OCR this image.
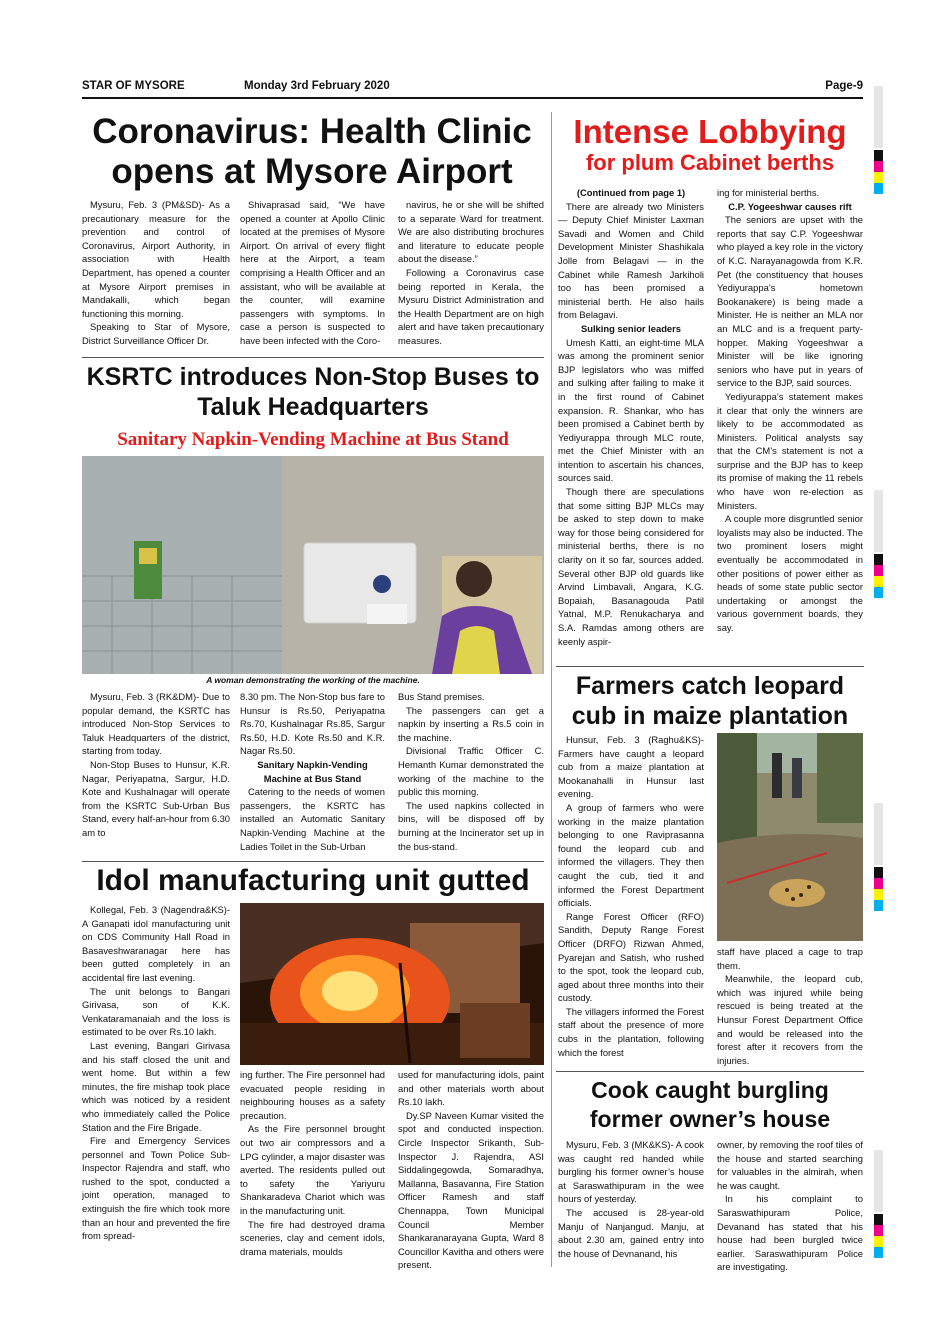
STAR OF MYSORE	Monday 3rd February 2020	Page-9
Coronavirus: Health Clinic opens at Mysore Airport

Mysuru, Feb. 3 (PM&SD)- As a precautionary measure for the prevention and control of Coronavirus, Airport Authority, in association with Health Department, has opened a counter at Mysore Airport premises in Mandakalli, which began functioning this morning.

Speaking to Star of Mysore, District Surveillance Officer Dr.

Shivaprasad said, “We have opened a counter at Apollo Clinic located at the premises of Mysore Airport. On arrival of every flight here at the Airport, a team comprising a Health Officer and an assistant, who will be available at the counter, will examine passengers with symptoms. In case a person is suspected to have been infected with the Coro-

navirus, he or she will be shifted to a separate Ward for treatment. We are also distributing brochures and literature to educate people about the disease.”

Following a Coronavirus case being reported in Kerala, the Mysuru District Administration and the Health Department are on high alert and have taken precautionary measures.

Intense Lobbying
for plum Cabinet berths

(Continued from page 1)

There are already two Ministers — Deputy Chief Minister Laxman Savadi and Women and Child Development Minister Shashikala Jolle from Belagavi — in the Cabinet while Ramesh Jarkiholi too has been promised a ministerial berth. He also hails from Belagavi.

Sulking senior leaders

Umesh Katti, an eight-time MLA was among the prominent senior BJP legislators who was miffed and sulking after failing to make it in the first round of Cabinet expansion. R. Shankar, who has been promised a Cabinet berth by Yediyurappa through MLC route, met the Chief Minister with an intention to ascertain his chances, sources said.

Though there are speculations that some sitting BJP MLCs may be asked to step down to make way for those being considered for ministerial berths, there is no clarity on it so far, sources added. Several other BJP old guards like Arvind Limbavali, Angara, K.G. Bopaiah, Basanagouda Patil Yatnal, M.P. Renukacharya and S.A. Ramdas among others are keenly aspir-

ing for ministerial berths.

C.P. Yogeeshwar causes rift

The seniors are upset with the reports that say C.P. Yogeeshwar who played a key role in the victory of K.C. Narayanagowda from K.R. Pet (the constituency that houses Yediyurappa’s hometown Bookanakere) is being made a Minister. He is neither an MLA nor an MLC and is a frequent party-hopper. Making Yogeeshwar a Minister will be like ignoring seniors who have put in years of service to the BJP, said sources.

Yediyurappa’s statement makes it clear that only the winners are likely to be accommodated as Ministers. Political analysts say that the CM’s statement is not a surprise and the BJP has to keep its promise of making the 11 rebels who have won re-election as Ministers.

A couple more disgruntled senior loyalists may also be inducted. The two prominent losers might eventually be accommodated in other positions of power either as heads of some state public sector undertaking or amongst the various government boards, they say.

KSRTC introduces Non-Stop Buses to Taluk Headquarters
Sanitary Napkin-Vending Machine at Bus Stand
A woman demonstrating the working of the machine.

Mysuru, Feb. 3 (RK&DM)- Due to popular demand, the KSRTC has introduced Non-Stop Services to Taluk Headquarters of the district, starting from today.

Non-Stop Buses to Hunsur, K.R. Nagar, Periyapatna, Sargur, H.D. Kote and Kushalnagar will operate from the KSRTC Sub-Urban Bus Stand, every half-an-hour from 6.30 am to

8.30 pm. The Non-Stop bus fare to Hunsur is Rs.50, Periyapatna Rs.70, Kushalnagar Rs.85, Sargur Rs.50, H.D. Kote Rs.50 and K.R. Nagar Rs.50.

Sanitary Napkin-Vending Machine at Bus Stand

Catering to the needs of women passengers, the KSRTC has installed an Automatic Sanitary Napkin-Vending Machine at the Ladies Toilet in the Sub-Urban

Bus Stand premises.

The passengers can get a napkin by inserting a Rs.5 coin in the machine.

Divisional Traffic Officer C. Hemanth Kumar demonstrated the working of the machine to the public this morning.

The used napkins collected in bins, will be disposed off by burning at the Incinerator set up in the bus-stand.

Farmers catch leopard cub in maize plantation

Hunsur, Feb. 3 (Raghu&KS)- Farmers have caught a leopard cub from a maize plantation at Mookanahalli in Hunsur last evening.

A group of farmers who were working in the maize plantation belonging to one Raviprasanna found the leopard cub and informed the villagers. They then caught the cub, tied it and informed the Forest Department officials.

Range Forest Officer (RFO) Sandith, Deputy Range Forest Officer (DRFO) Rizwan Ahmed, Pyarejan and Satish, who rushed to the spot, took the leopard cub, aged about three months into their custody.

The villagers informed the Forest staff about the presence of more cubs in the plantation, following which the forest

staff have placed a cage to trap them.

Meanwhile, the leopard cub, which was injured while being rescued is being treated at the Hunsur Forest Department Office and would be released into the forest after it recovers from the injuries.

Idol manufacturing unit gutted

Kollegal, Feb. 3 (Nagendra&KS)- A Ganapati idol manufacturing unit on CDS Community Hall Road in Basaveshwaranagar here has been gutted completely in an accidental fire last evening.

The unit belongs to Bangari Girivasa, son of K.K. Venkataramanaiah and the loss is estimated to be over Rs.10 lakh.

Last evening, Bangari Girivasa and his staff closed the unit and went home. But within a few minutes, the fire mishap took place which was noticed by a resident who immediately called the Police Station and the Fire Brigade.

Fire and Emergency Services personnel and Town Police Sub-Inspector Rajendra and staff, who rushed to the spot, conducted a joint operation, managed to extinguish the fire which took more than an hour and prevented the fire from spread-

ing further. The Fire personnel had evacuated people residing in neighbouring houses as a safety precaution.

As the Fire personnel brought out two air compressors and a LPG cylinder, a major disaster was averted. The residents pulled out to safety the Yariyuru Shankaradeva Chariot which was in the manufacturing unit.

The fire had destroyed drama sceneries, clay and cement idols, drama materials, moulds

used for manufacturing idols, paint and other materials worth about Rs.10 lakh.

Dy.SP Naveen Kumar visited the spot and conducted inspection. Circle Inspector Srikanth, Sub-Inspector J. Rajendra, ASI Siddalingegowda, Somaradhya, Mallanna, Basavanna, Fire Station Officer Ramesh and staff Chennappa, Town Municipal Council Member Shankaranarayana Gupta, Ward 8 Councillor Kavitha and others were present.

Cook caught burgling former owner’s house

Mysuru, Feb. 3 (MK&KS)- A cook was caught red handed while burgling his former owner’s house at Saraswathipuram in the wee hours of yesterday.

The accused is 28-year-old Manju of Nanjangud. Manju, at about 2.30 am, gained entry into the house of Devnanand, his

owner, by removing the roof tiles of the house and started searching for valuables in the almirah, when he was caught.

In his complaint to Saraswathipuram Police, Devanand has stated that his house had been burgled twice earlier. Saraswathipuram Police are investigating.
